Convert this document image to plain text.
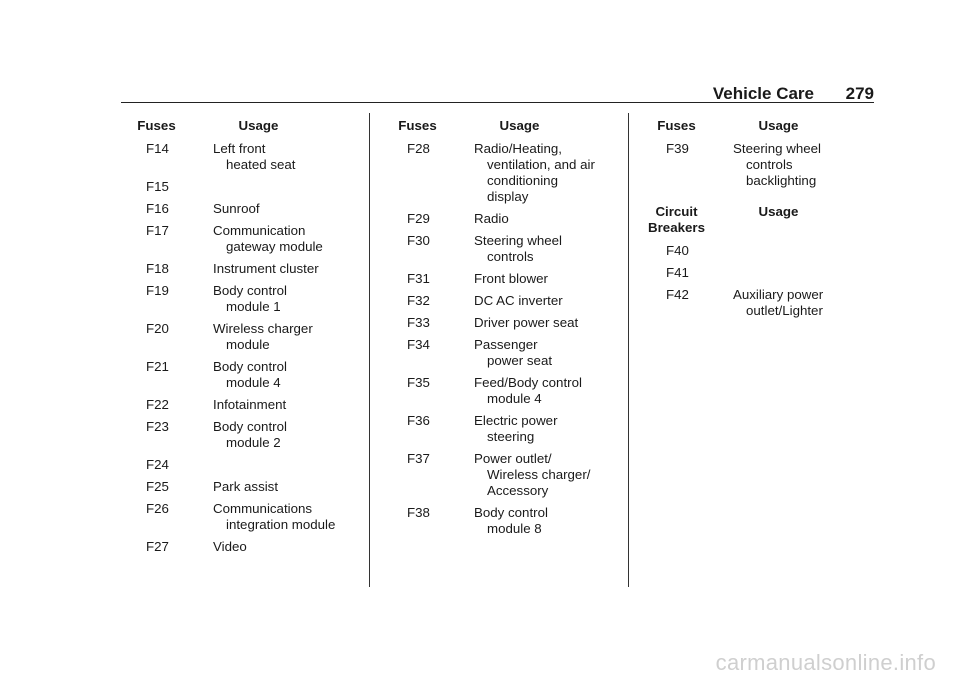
Vehicle Care 279
Fuses	Usage
F14	Left front
heated seat
F15
F16	Sunroof
F17	Communication
gateway module
F18	Instrument cluster
F19	Body control
module 1
F20	Wireless charger
module
F21	Body control
module 4
F22	Infotainment
F23	Body control
module 2
F24
F25	Park assist
F26	Communications
integration module
F27	Video
Fuses	Usage
F28	Radio/Heating,
ventilation, and air
conditioning
display
F29	Radio
F30	Steering wheel
controls
F31	Front blower
F32	DC AC inverter
F33	Driver power seat
F34	Passenger
power seat
F35	Feed/Body control
module 4
F36	Electric power
steering
F37	Power outlet/
Wireless charger/
Accessory
F38	Body control
module 8
Fuses	Usage
F39	Steering wheel
controls
backlighting
Circuit Breakers
Usage
F40
F41
F42	Auxiliary power
outlet/Lighter
carmanualsonline.info
